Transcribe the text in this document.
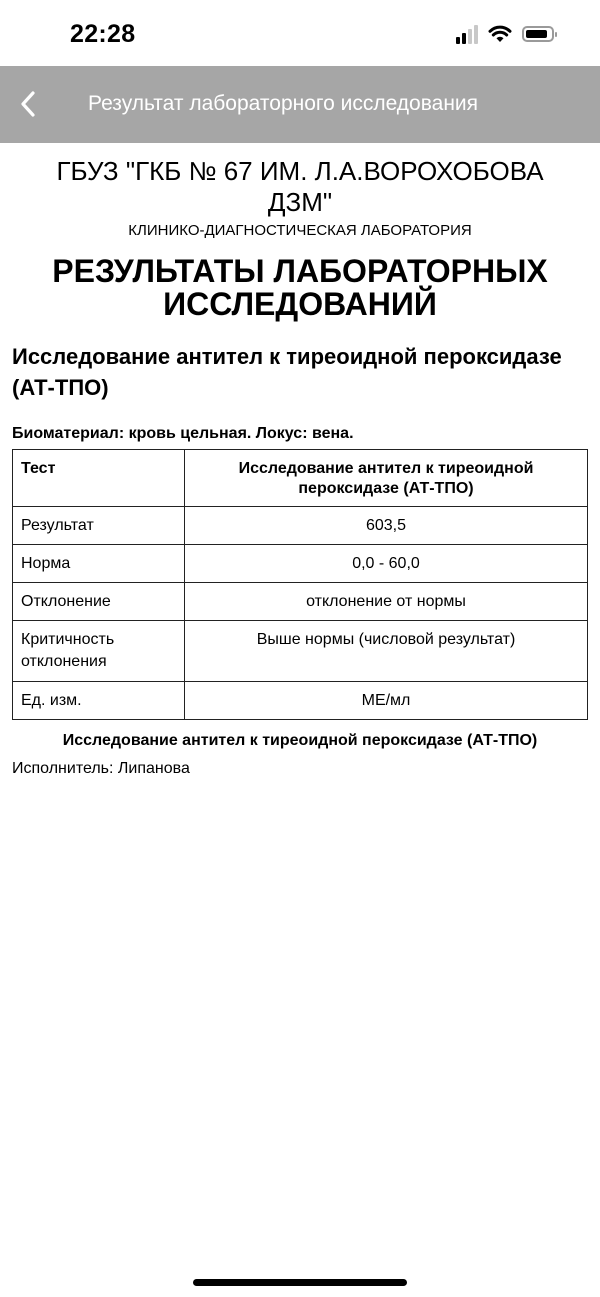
22:28
Результат лабораторного исследования
ГБУЗ "ГКБ № 67 ИМ. Л.А.ВОРОХОБОВА ДЗМ"
КЛИНИКО-ДИАГНОСТИЧЕСКАЯ ЛАБОРАТОРИЯ
РЕЗУЛЬТАТЫ ЛАБОРАТОРНЫХ ИССЛЕДОВАНИЙ
Исследование антител к тиреоидной пероксидазе (АТ-ТПО)
Биоматериал: кровь цельная. Локус: вена.
Тест	Исследование антител к тиреоидной пероксидазе (АТ-ТПО)
Результат	603,5
Норма	0,0 - 60,0
Отклонение	отклонение от нормы
Критичность отклонения	Выше нормы (числовой результат)
Ед. изм.	МЕ/мл
Исследование антител к тиреоидной пероксидазе (АТ-ТПО)
Исполнитель: Липанова
